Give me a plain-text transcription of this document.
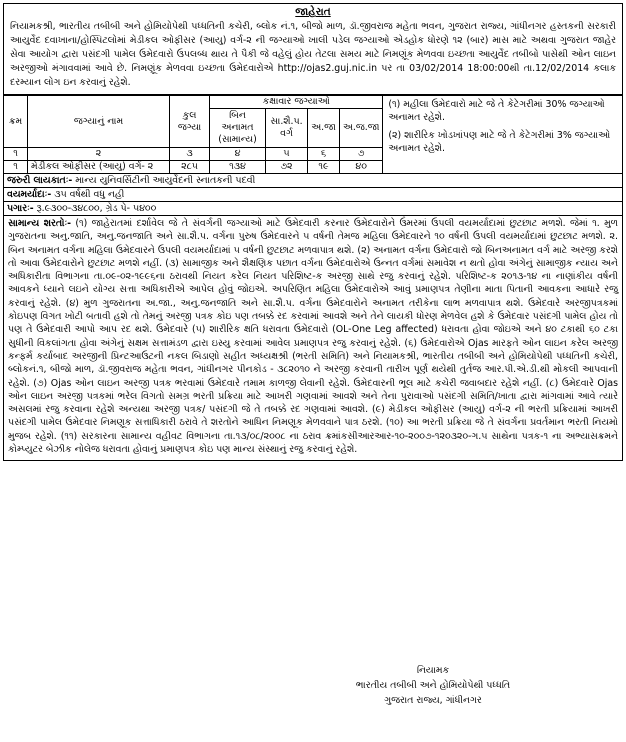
જાહેરાત
નિયામકશ્રી, ભારતીય તબીબી અને હોમિયોપેથી પધ્ધતિની કચેરી, બ્લોક નં.૧, બીજો માળ, ડૉ.જીવરાજ મહેતા ભવન, ગુજરાત રાજ્ય, ગાંધીનગર હસ્તકની સરકારી આયુર્વેદ દવાખાના/હોસ્પિટલોમાં મેડીકલ ઓફીસર (આયુ) વર્ગ-૨ ની જગ્યાઓ ખાલી પડેલ જગ્યાઓ એડહોક ધોરણે ૧૨ (બાર) માસ માટે અથવા ગુજરાત જાહેર સેવા આયોગ દ્વારા પસંદગી પામેલ ઉમેદવારો ઉપલબ્ધ થાય તે પૈકી જે વહેલું હોય તેટલા સમય માટે નિમણૂંક મેળવવા ઇચ્છતા આયુર્વેદ તબીબો પાસેથી ઓન લાઇન અરજીઓ મંગાવવામાં આવે છે. નિમણૂંક મેળવવા ઇચ્છતા ઉમેદવારોએ http://ojas2.guj.nic.in પર તા 03/02/2014 18:00:00થી તા.12/02/2014 કલાક દરમ્યાન લોગ ઇન કરવાનું રહેશે.
ક્રમ	જગ્યાનું નામ	કુલ જગ્યા	કક્ષાવાર જગ્યાઓ				(૧) મહીલા ઉમેદવારો માટે જે તે કેટેગરીમાં 30% જગ્યાઓ અનામત રહેશે.
(૨) શારીરિક ખોડખાંપણ માટે જે તે કેટેગરીમાં 3% જગ્યાઓ અનામત રહેશે.

			બિન અનામત (સામાન્ય)	સા.શૈ.પ. વર્ગ	અ.જા	અ.જ.જા	
૧	૨	૩	૪	૫	૬	૭	
૧	મેડીકલ ઓફીસર (આયુ) વર્ગ- ૨	૨૮૫	૧૩૪	૭૨	૧૯	૪૦	
જરુરી લાયકાતઃ- માન્ય યુનિવર્સિટીની આયુર્વેદની સ્નાતકની પદવી
વયમર્યાદાઃ- ૩૫ વર્ષથી વધુ નહી
પગારઃ- રૂ.૯૩૦૦-૩૪૮૦૦, ગ્રેડ પે- ૫૪૦૦
સામાન્ય શરતોઃ- (૧) જાહેરાતમાં દર્શાવેલ જે તે સંવર્ગની જગ્યાઓ માટે ઉમેદવારી કરનાર ઉમેદવારોને ઉંમરમાં ઉપલી વયમર્યાદામાં છુટછાટ મળશે. જેમાં ૧. મુળ ગુજરાતના અનુ.જાતિ, અનુ.જનજાતિ અને સા.શૈ.પ. વર્ગના પુરુષ ઉમેદવારને ૫ વર્ષની તેમજ મહિલા ઉમેદવારને ૧૦ વર્ષની ઉપલી વયમર્યાદામાં છુટછાટ મળશે. ૨. બિન અનામત વર્ગના મહિલા ઉમેદવારને ઉપલી વયમર્યાદામાં ૫ વર્ષની છુટછાટ મળવાપાત્ર થશે. (૨) અનામત વર્ગના ઉમેદવારો જો બિનઅનામત વર્ગ માટે અરજી કરશે તો આવા ઉમેદવારોને છુટછાટ મળશે નહીં. (૩) સામાજીક અને શૈક્ષણિક પછાત વર્ગના ઉમેદવારોએ ઉન્નત વર્ગમાં સમાવેશ ન થતો હોવા અંગેનું સામાજીક ન્યાય અને અધિકારીતા વિભાગના તા.૦૯-૦૨-૧૯૯૬ના ઠરાવથી નિયત કરેલ નિયત પરિશિષ્ટ-ક અરજી સાથે રજુ કરવાનું રહેશે. પરિશિષ્ટ-ક ૨૦૧૩-૧૪ ના નાણાંકીય વર્ષની આવકને ધ્યાને લઇને યોગ્ય સત્તા અધિકારીએ આપેલ હોવું જોઇએ. અપરિણિત મહિલા ઉમેદવારોએ આવું પ્રમાણપત્ર તેણીના માતા પિતાની આવકના આધારે રજુ કરવાનું રહેશે. (૪) મુળ ગુજરાતના અ.જા., અનુ.જનજાતિ અને સા.શૈ.પ. વર્ગના ઉમેદવારોને અનામત તરીકેના લાભ મળવાપાત્ર થશે. ઉમેદવારે અરજીપત્રકમાં કોઇપણ વિગત ખોટી બતાવી હશે તો તેમનું અરજી પત્રક કોઇ પણ તબક્કે રદ કરવામાં આવશે અને તેને લાયકી ધોરણ મેળવેલ હશે કે ઉમેદવાર પસંદગી પામેલ હોય તો પણ તે ઉમેદવારી આપો આપ રદ થશે. ઉમેદવારે (૫) શારીરિક ક્ષતિ ધરાવતા ઉમેદવારો (OL-One Leg affected) ધરાવતા હોવા જોઇએ અને ૪૦ ટકાથી ૬૦ ટકા સુધીની વિકલાંગતા હોવા અંગેનું સક્ષમ સત્તામંડળ દ્વારા ઇસ્યુ કરવામાં આવેલ પ્રમાણપત્ર રજુ કરવાનું રહેશે. (૬) ઉમેદવારોએ Ojas મારફતે ઓન લાઇન કરેલ અરજી કન્ફર્મ કર્યાબાદ અરજીની પ્રિન્ટઆઉટની નકલ બિડાણો સહીત અધ્યક્ષશ્રી (ભરતી સમિતિ) અને નિયામકશ્રી, ભારતીય તબીબી અને હોમિયોપેથી પધ્ધતિની કચેરી, બ્લોકનં.૧, બીજો માળ, ડૉ.જીવરાજ મહેતા ભવન, ગાંધીનગર પીનકોડ - ૩૮૨૦૧૦ ને અરજી કરવાની તારીખ પૂર્ણ થયેથી તુર્તજ આર.પી.એ.ડી.થી મોકલી આપવાની રહેશે. (૭) Ojas ઓન લાઇન અરજી પત્રક ભરવામાં ઉમેદવારે તમામ કાળજી લેવાની રહેશે. ઉમેદવારની ભૂલ માટે કચેરી જવાબદાર રહેશે નહીં. (૮) ઉમેદવારે Ojas ઓન લાઇન અરજી પત્રકમાં ભરેલ વિગતો સમગ્ર ભરતી પ્રક્રિયા માટે આખરી ગણવામાં આવશે અને તેના પુરાવાઓ પસંદગી સમિતિ/ખાતા દ્વારા માંગવામાં આવે ત્યારે અસલમાં રજુ કરવાના રહેશે અન્યથા અરજી પત્રક/ પસંદગી જે તે તબક્કે રદ ગણવામાં આવશે. (૯) મેડીકલ ઓફીસર (આયુ) વર્ગ-૨ ની ભરતી પ્રક્રિયામાં આખરી પસંદગી પામેલ ઉમેદવાર નિમણૂક સત્તાધિકારી ઠરાવે તે શરતોને આધિન નિમણૂક મેળવવાને પાત્ર ઠરશે. (૧૦) આ ભરતી પ્રક્રિયા જે તે સંવર્ગના પ્રવર્તમાન ભરતી નિયમો મુજબ રહેશે. (૧૧) સરકારના સામાન્ય વહીવટ વિભાગના તા.૧૩/૦૮/૨૦૦૮ ના ઠરાવ ક્રમાંકસીઆરઆર-૧૦-૨૦૦૭-૧૨૦૩૨૦-ગ.૫ સાથેના પત્રક-૧ ના અભ્યાસક્રમને કોમ્પ્યુટર બેઝીક નોલેજ ધરાવતા હોવાનું પ્રમાણપત્ર કોઇ પણ માન્ય સંસ્થાનું રજુ કરવાનું રહેશે.
નિયામક
ભારતીય તબીબી અને હોમિયોપેથી પધ્ધતિ
ગુજરાત રાજ્ય, ગાંધીનગર
